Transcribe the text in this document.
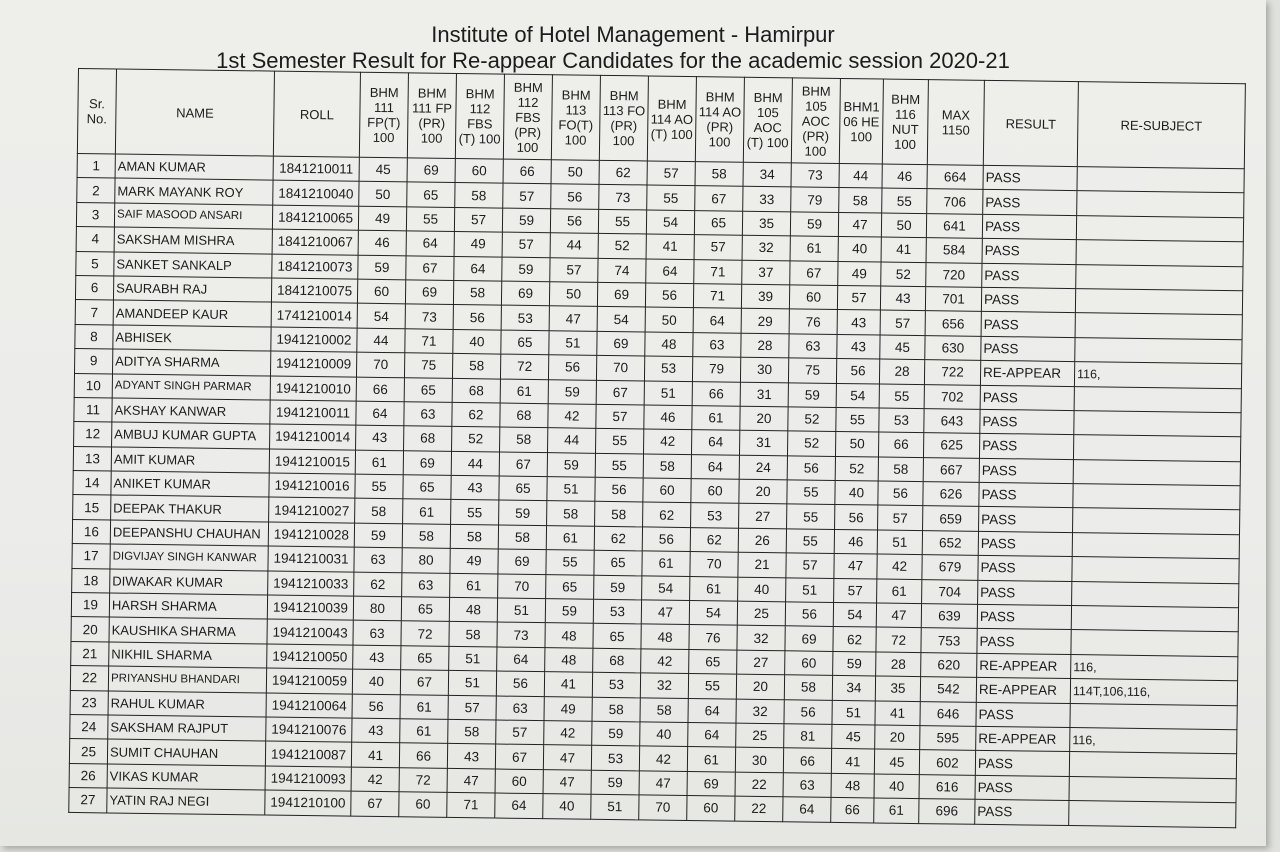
Institute of Hotel Management - Hamirpur
1st Semester Result for Re-appear Candidates for the academic session 2020-21
Sr. No.	NAME	ROLL	BHM 111 FP(T) 100	BHM 111 FP (PR) 100	BHM 112 FBS (T) 100	BHM 112 FBS (PR) 100	BHM 113 FO(T) 100	BHM 113 FO (PR) 100	BHM 114 AO (T) 100	BHM 114 AO (PR) 100	BHM 105 AOC (T) 100	BHM 105 AOC (PR) 100	BHM1 06 HE 100	BHM 116 NUT 100	MAX 1150	RESULT	RE-SUBJECT
1	AMAN KUMAR	1841210011	45	69	60	66	50	62	57	58	34	73	44	46	664	PASS	
2	MARK MAYANK ROY	1841210040	50	65	58	57	56	73	55	67	33	79	58	55	706	PASS	
3	SAIF MASOOD ANSARI	1841210065	49	55	57	59	56	55	54	65	35	59	47	50	641	PASS	
4	SAKSHAM MISHRA	1841210067	46	64	49	57	44	52	41	57	32	61	40	41	584	PASS	
5	SANKET SANKALP	1841210073	59	67	64	59	57	74	64	71	37	67	49	52	720	PASS	
6	SAURABH RAJ	1841210075	60	69	58	69	50	69	56	71	39	60	57	43	701	PASS	
7	AMANDEEP KAUR	1741210014	54	73	56	53	47	54	50	64	29	76	43	57	656	PASS	
8	ABHISEK	1941210002	44	71	40	65	51	69	48	63	28	63	43	45	630	PASS	
9	ADITYA SHARMA	1941210009	70	75	58	72	56	70	53	79	30	75	56	28	722	RE-APPEAR	116,
10	ADYANT SINGH PARMAR	1941210010	66	65	68	61	59	67	51	66	31	59	54	55	702	PASS	
11	AKSHAY KANWAR	1941210011	64	63	62	68	42	57	46	61	20	52	55	53	643	PASS	
12	AMBUJ KUMAR GUPTA	1941210014	43	68	52	58	44	55	42	64	31	52	50	66	625	PASS	
13	AMIT KUMAR	1941210015	61	69	44	67	59	55	58	64	24	56	52	58	667	PASS	
14	ANIKET KUMAR	1941210016	55	65	43	65	51	56	60	60	20	55	40	56	626	PASS	
15	DEEPAK THAKUR	1941210027	58	61	55	59	58	58	62	53	27	55	56	57	659	PASS	
16	DEEPANSHU CHAUHAN	1941210028	59	58	58	58	61	62	56	62	26	55	46	51	652	PASS	
17	DIGVIJAY SINGH KANWAR	1941210031	63	80	49	69	55	65	61	70	21	57	47	42	679	PASS	
18	DIWAKAR KUMAR	1941210033	62	63	61	70	65	59	54	61	40	51	57	61	704	PASS	
19	HARSH SHARMA	1941210039	80	65	48	51	59	53	47	54	25	56	54	47	639	PASS	
20	KAUSHIKA SHARMA	1941210043	63	72	58	73	48	65	48	76	32	69	62	72	753	PASS	
21	NIKHIL SHARMA	1941210050	43	65	51	64	48	68	42	65	27	60	59	28	620	RE-APPEAR	116,
22	PRIYANSHU BHANDARI	1941210059	40	67	51	56	41	53	32	55	20	58	34	35	542	RE-APPEAR	114T,106,116,
23	RAHUL KUMAR	1941210064	56	61	57	63	49	58	58	64	32	56	51	41	646	PASS	
24	SAKSHAM RAJPUT	1941210076	43	61	58	57	42	59	40	64	25	81	45	20	595	RE-APPEAR	116,
25	SUMIT CHAUHAN	1941210087	41	66	43	67	47	53	42	61	30	66	41	45	602	PASS	
26	VIKAS KUMAR	1941210093	42	72	47	60	47	59	47	69	22	63	48	40	616	PASS	
27	YATIN RAJ NEGI	1941210100	67	60	71	64	40	51	70	60	22	64	66	61	696	PASS	
